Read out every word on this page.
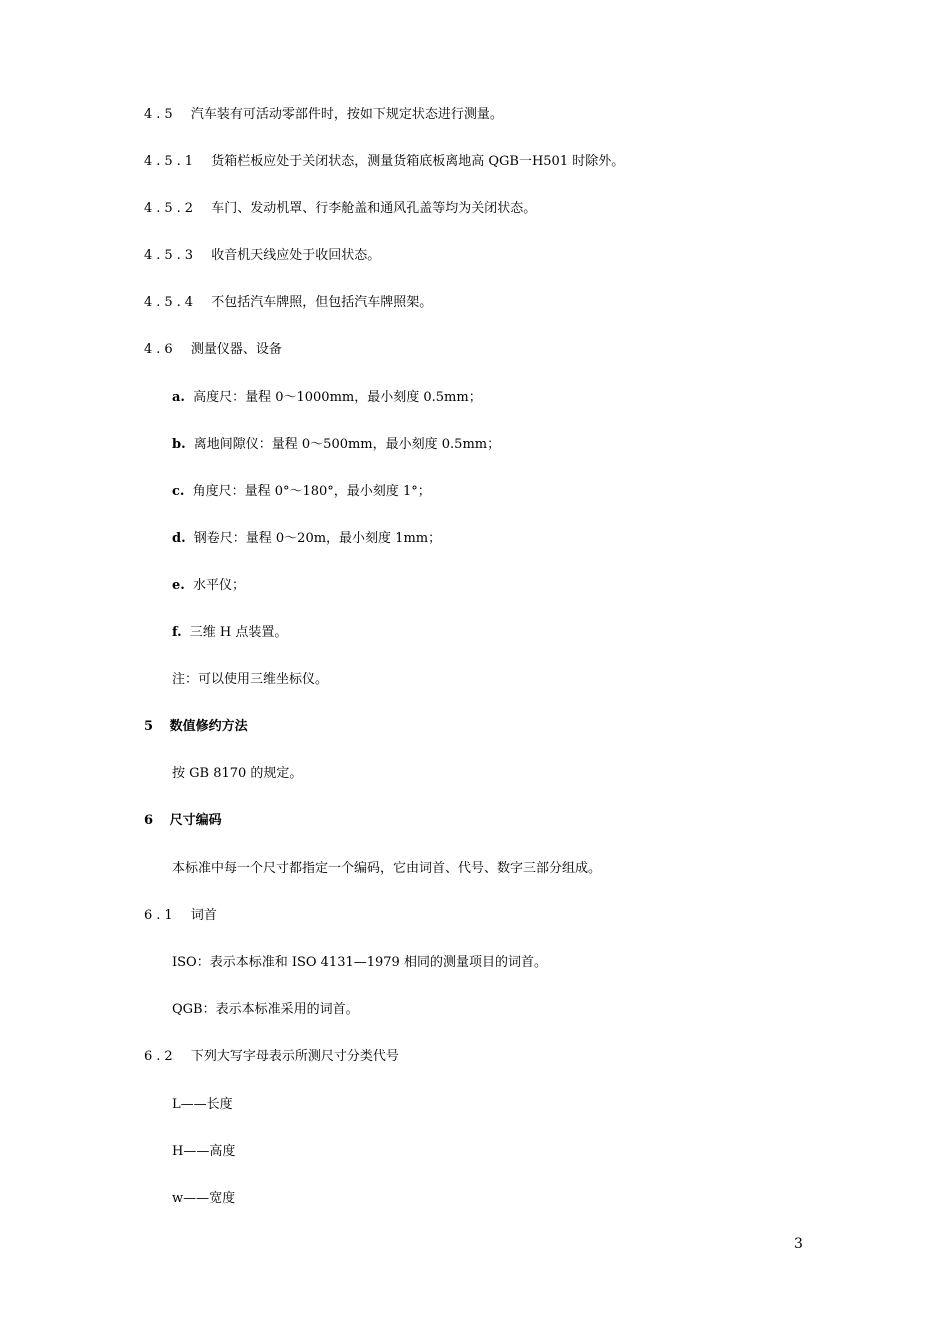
4.5 汽车装有可活动零部件时，按如下规定状态进行测量。
4.5.1 货箱栏板应处于关闭状态，测量货箱底板离地高 QGB一H501 时除外。
4.5.2 车门、发动机罩、行李舱盖和通风孔盖等均为关闭状态。
4.5.3 收音机天线应处于收回状态。
4.5.4 不包括汽车牌照，但包括汽车牌照架。
4.6 测量仪器、设备
a. 高度尺：量程 0～1000mm，最小刻度 0.5mm；
b. 离地间隙仪：量程 0～500mm，最小刻度 0.5mm；
c. 角度尺：量程 0°～180°，最小刻度 1°；
d. 钢卷尺：量程 0～20m，最小刻度 1mm；
e. 水平仪；
f. 三维 H 点装置。
注：可以使用三维坐标仪。
5 数值修约方法
按 GB 8170 的规定。
6 尺寸编码
本标准中每一个尺寸都指定一个编码，它由词首、代号、数字三部分组成。
6.1 词首
ISO：表示本标准和 ISO 4131—1979 相同的测量项目的词首。
QGB：表示本标准采用的词首。
6.2 下列大写字母表示所测尺寸分类代号
L——长度
H——高度
w——宽度
3
